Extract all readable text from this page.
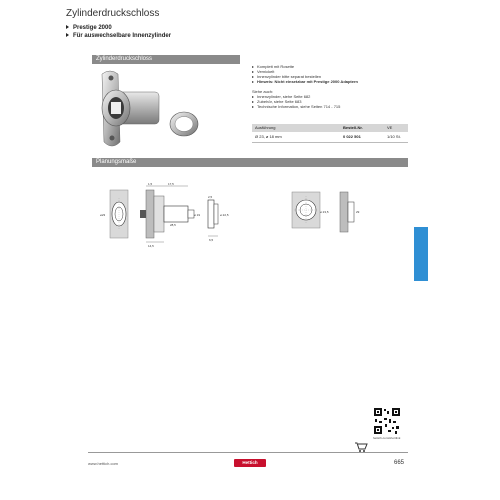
Zylinderdruckschloss
Prestige 2000
Für auswechselbare Innenzylinder
Zylinderdruckschloss
Komplett mit Rosette
Vernickelt
Innenzylinder bitte separat bestellen
Hinweis: Nicht einsetzbar mit Prestige 2000 Adaptern
Siehe auch:
Innenzylinder, siehe Seite 682
Zubehör, siehe Seite 683
Technische Information, siehe Seiten 714 - 715
Ausführung	Bestell-Nr.	VE
Ø 23, ø 18 mm	0 022 501	1/10 St.
Planungsmaße
1,5	17,5
ø23	ø 19	ø 22,5
14,5
28,5
2,5
6,5
ø 23,5	29
hettich.com/shortlink
www.hettich.com	Hettich	665
